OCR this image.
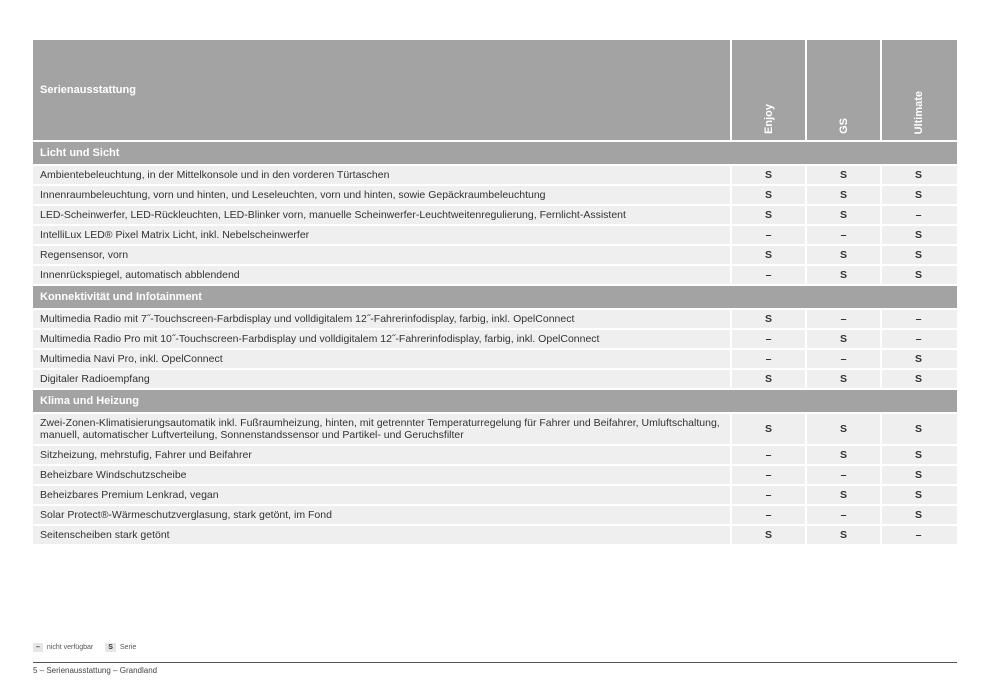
Serienausstattung
Enjoy	GS	Ultimate
Licht und Sicht
Ambientebeleuchtung, in der Mittelkonsole und in den vorderen Türtaschen	S	S	S
Innenraumbeleuchtung, vorn und hinten, und Leseleuchten, vorn und hinten, sowie Gepäckraumbeleuchtung	S	S	S
LED-Scheinwerfer, LED-Rückleuchten, LED-Blinker vorn, manuelle Scheinwerfer-Leuchtweitenregulierung, Fernlicht-Assistent	S	S	–
IntelliLux LED® Pixel Matrix Licht, inkl. Nebelscheinwerfer	–	–	S
Regensensor, vorn	S	S	S
Innenrückspiegel, automatisch abblendend	–	S	S
Konnektivität und Infotainment
Multimedia Radio mit 7˝-Touchscreen-Farbdisplay und volldigitalem 12˝-Fahrerinfodisplay, farbig, inkl. OpelConnect	S	–	–
Multimedia Radio Pro mit 10˝-Touchscreen-Farbdisplay und volldigitalem 12˝-Fahrerinfodisplay, farbig, inkl. OpelConnect	–	S	–
Multimedia Navi Pro, inkl. OpelConnect	–	–	S
Digitaler Radioempfang	S	S	S
Klima und Heizung
Zwei-Zonen-Klimatisierungsautomatik inkl. Fußraumheizung, hinten, mit getrennter Temperaturregelung für Fahrer und Beifahrer, Umluftschaltung, manuell, automatischer Luftverteilung, Sonnenstandssensor und Partikel- und Geruchsfilter	S	S	S
Sitzheizung, mehrstufig, Fahrer und Beifahrer	–	S	S
Beheizbare Windschutzscheibe	–	–	S
Beheizbares Premium Lenkrad, vegan	–	S	S
Solar Protect®-Wärmeschutzverglasung, stark getönt, im Fond	–	–	S
Seitenscheiben stark getönt	S	S	–
–	nicht verfügbar	S	Serie
5 – Serienausstattung – Grandland
